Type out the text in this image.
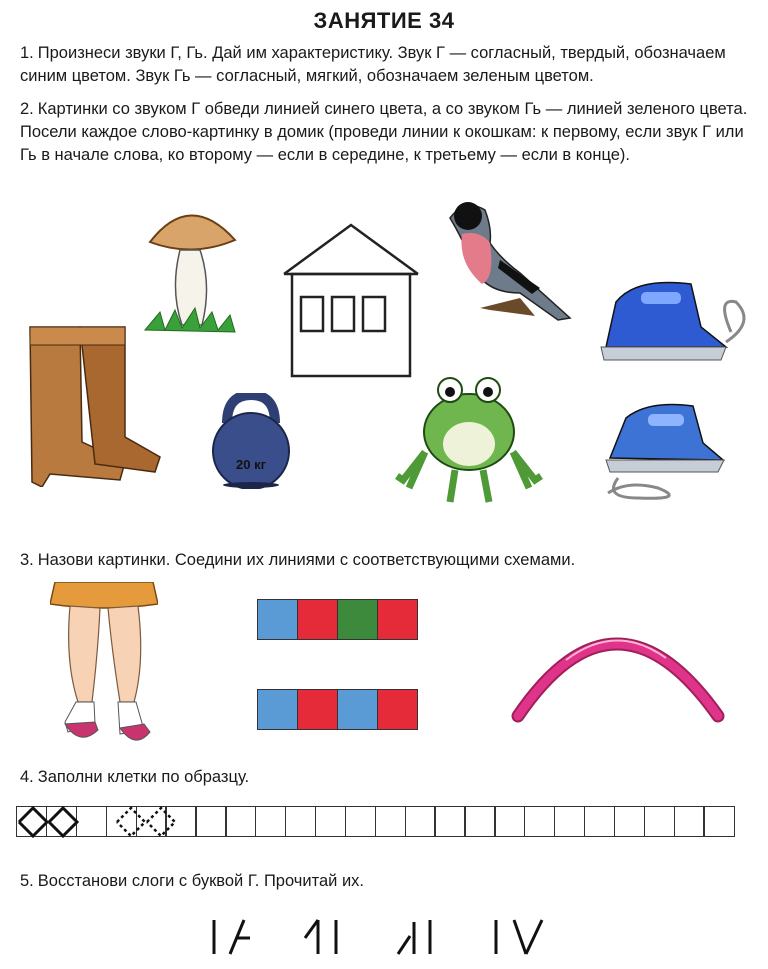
ЗАНЯТИЕ 34
1. Произнеси звуки Г, Гь. Дай им характеристику. Звук Г — согласный, твердый, обозначаем синим цветом. Звук Гь — согласный, мягкий, обозначаем зеленым цветом.
2. Картинки со звуком Г обведи линией синего цвета, а со звуком Гь — линией зеленого цвета. Посели каждое слово-картинку в домик (проведи линии к окошкам: к первому, если звук Г или Гь в начале слова, ко второму — если в середине, к третьему — если в конце).
3. Назови картинки. Соедини их линиями с соответствующими схемами.
4. Заполни клетки по образцу.
5. Восстанови слоги с буквой Г. Прочитай их.
20 кг
